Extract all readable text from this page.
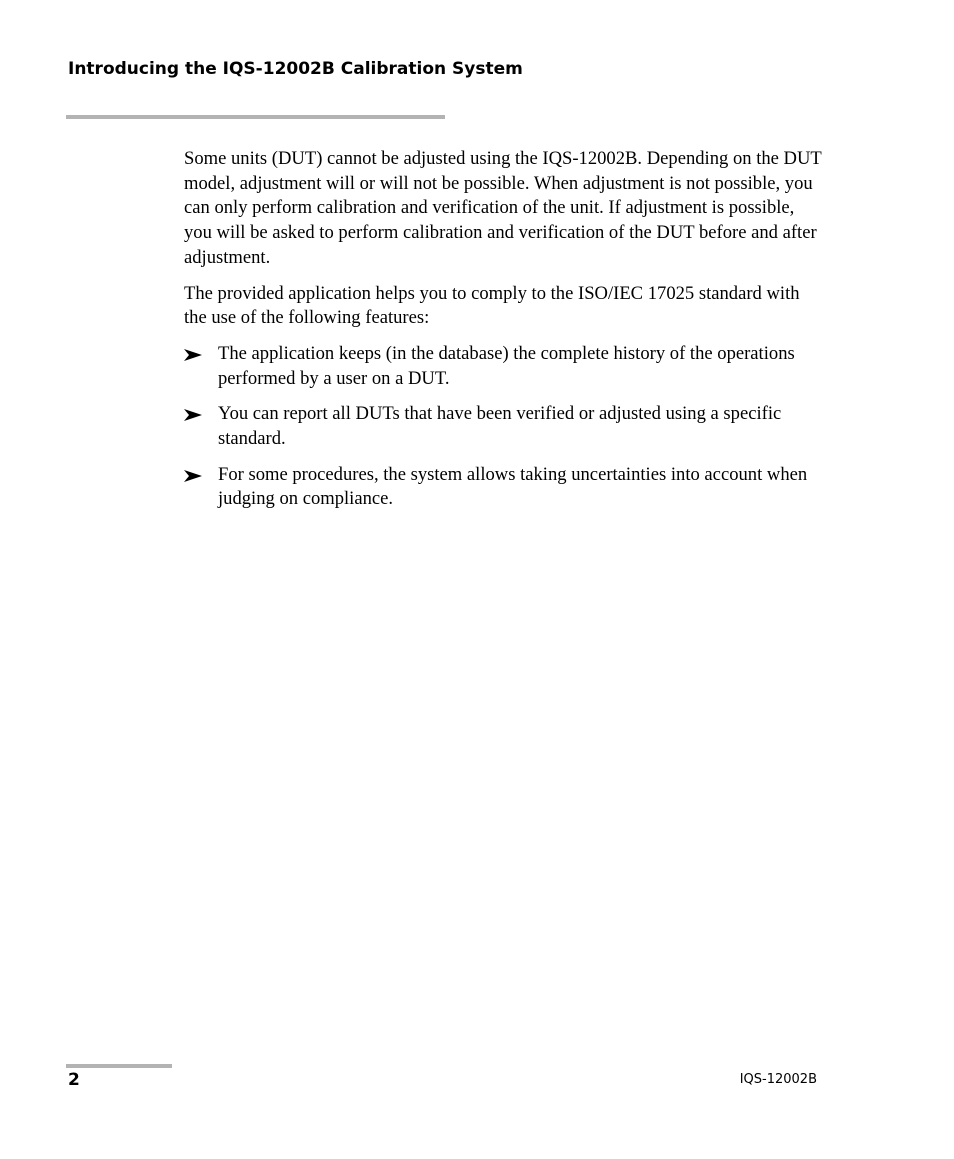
Introducing the IQS-12002B Calibration System

Some units (DUT) cannot be adjusted using the IQS-12002B. Depending on the DUT model, adjustment will or will not be possible. When adjustment is not possible, you can only perform calibration and verification of the unit. If adjustment is possible, you will be asked to perform calibration and verification of the DUT before and after adjustment.

The provided application helps you to comply to the ISO/IEC 17025 standard with the use of the following features:

The application keeps (in the database) the complete history of the operations performed by a user on a DUT.
You can report all DUTs that have been verified or adjusted using a specific standard.
For some procedures, the system allows taking uncertainties into account when judging on compliance.
2	IQS-12002B
